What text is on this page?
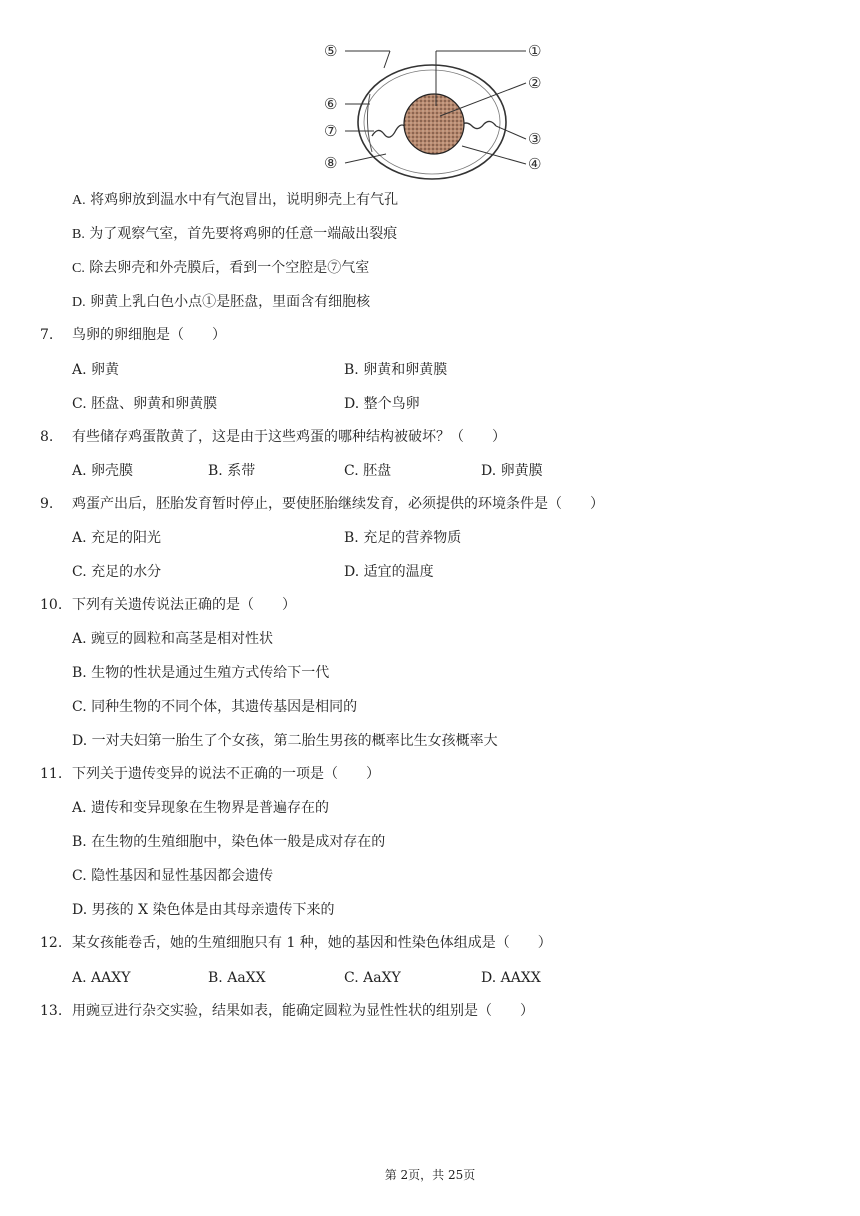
⑤
⑥
⑦
⑧
①
②
③
④
A. 将鸡卵放到温水中有气泡冒出，说明卵壳上有气孔
B. 为了观察气室，首先要将鸡卵的任意一端敲出裂痕
C. 除去卵壳和外壳膜后，看到一个空腔是⑦气室
D. 卵黄上乳白色小点①是胚盘，里面含有细胞核
7. 鸟卵的卵细胞是（　　）
A. 卵黄	B. 卵黄和卵黄膜
C. 胚盘、卵黄和卵黄膜	D. 整个鸟卵
8. 有些储存鸡蛋散黄了，这是由于这些鸡蛋的哪种结构被破坏？（　　）
A. 卵壳膜	B. 系带	C. 胚盘	D. 卵黄膜
9. 鸡蛋产出后，胚胎发育暂时停止，要使胚胎继续发育，必须提供的环境条件是（　　）
A. 充足的阳光	B. 充足的营养物质
C. 充足的水分	D. 适宜的温度
10. 下列有关遗传说法正确的是（　　）
A. 豌豆的圆粒和高茎是相对性状
B. 生物的性状是通过生殖方式传给下一代
C. 同种生物的不同个体，其遗传基因是相同的
D. 一对夫妇第一胎生了个女孩，第二胎生男孩的概率比生女孩概率大
11. 下列关于遗传变异的说法不正确的一项是（　　）
A. 遗传和变异现象在生物界是普遍存在的
B. 在生物的生殖细胞中，染色体一般是成对存在的
C. 隐性基因和显性基因都会遗传
D. 男孩的 X 染色体是由其母亲遗传下来的
12. 某女孩能卷舌，她的生殖细胞只有 1 种，她的基因和性染色体组成是（　　）
A. AAXY	B. AaXX	C. AaXY	D. AAXX
13. 用豌豆进行杂交实验，结果如表，能确定圆粒为显性性状的组别是（　　）
第 2页，共 25页
